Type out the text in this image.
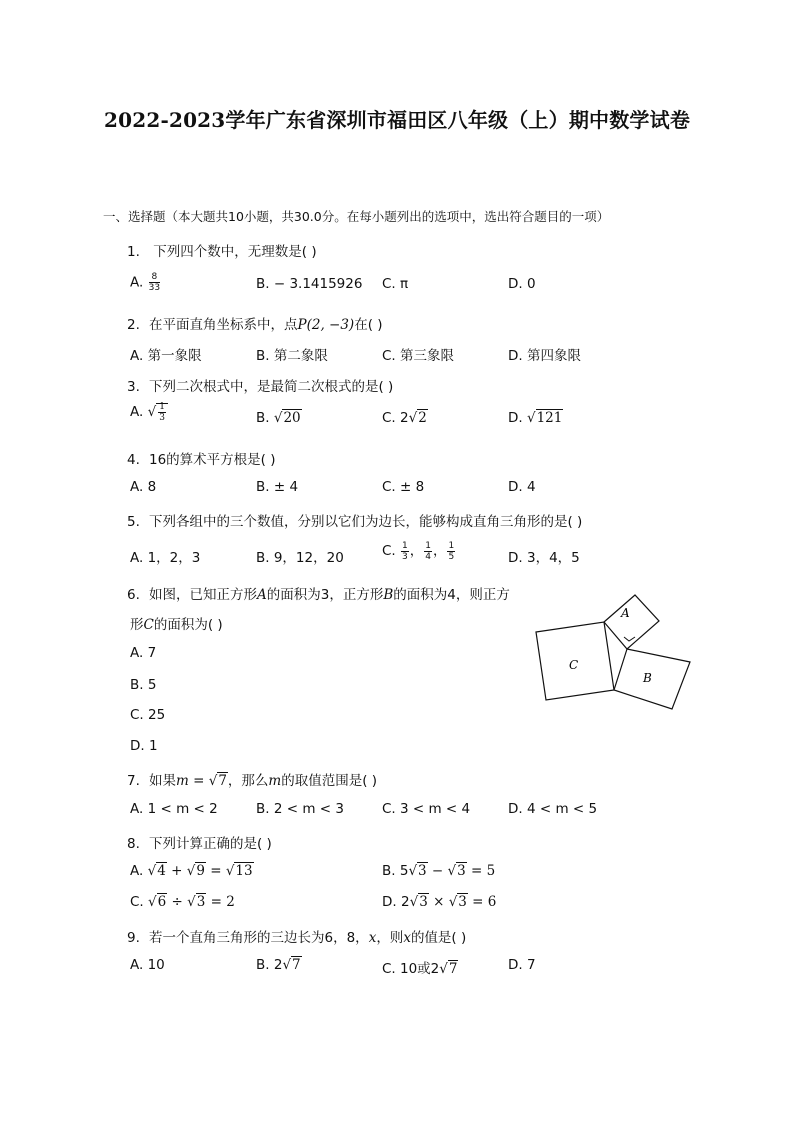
2022-2023学年广东省深圳市福田区八年级（上）期中数学试卷
一、选择题（本大题共10小题，共30.0分。在每小题列出的选项中，选出符合题目的一项）
1. 下列四个数中，无理数是( )
A. $\frac{8}{33}$	B. − 3.1415926 C. π	D. 0
2. 在平面直角坐标系中，点P(2, −3)在( )
A. 第一象限	B. 第二象限	C. 第三象限	D. 第四象限
3. 下列二次根式中，是最简二次根式的是( )
A. √ $\frac{1}{3}$	B. √20	C. 2√2	D. √121
4. 16的算术平方根是( )
A. 8	B. ± 4	C. ± 8	D. 4
5. 下列各组中的三个数值，分别以它们为边长，能够构成直角三角形的是( )
A. 1，2，3	B. 9，12，20	C. $\frac{1}{3}$ ， $\frac{1}{4}$ ， $\frac{1}{5}$	D. 3，4，5
6. 如图，已知正方形A的面积为3，正方形B的面积为4，则正方
形C的面积为( )
A. 7
B. 5
C. 25
D. 1
A
C
B
7. 如果m = √7，那么m的取值范围是( )
A. 1 < m < 2	B. 2 < m < 3	C. 3 < m < 4	D. 4 < m < 5
8. 下列计算正确的是( )
A. √4 + √9 = √13	B. 5√3 − √3 = 5
C. √6 ÷ √3 = 2	D. 2√3 × √3 = 6
9. 若一个直角三角形的三边长为6，8，x，则x的值是( )
A. 10	B. 2√7	C. 10或2√7	D. 7
